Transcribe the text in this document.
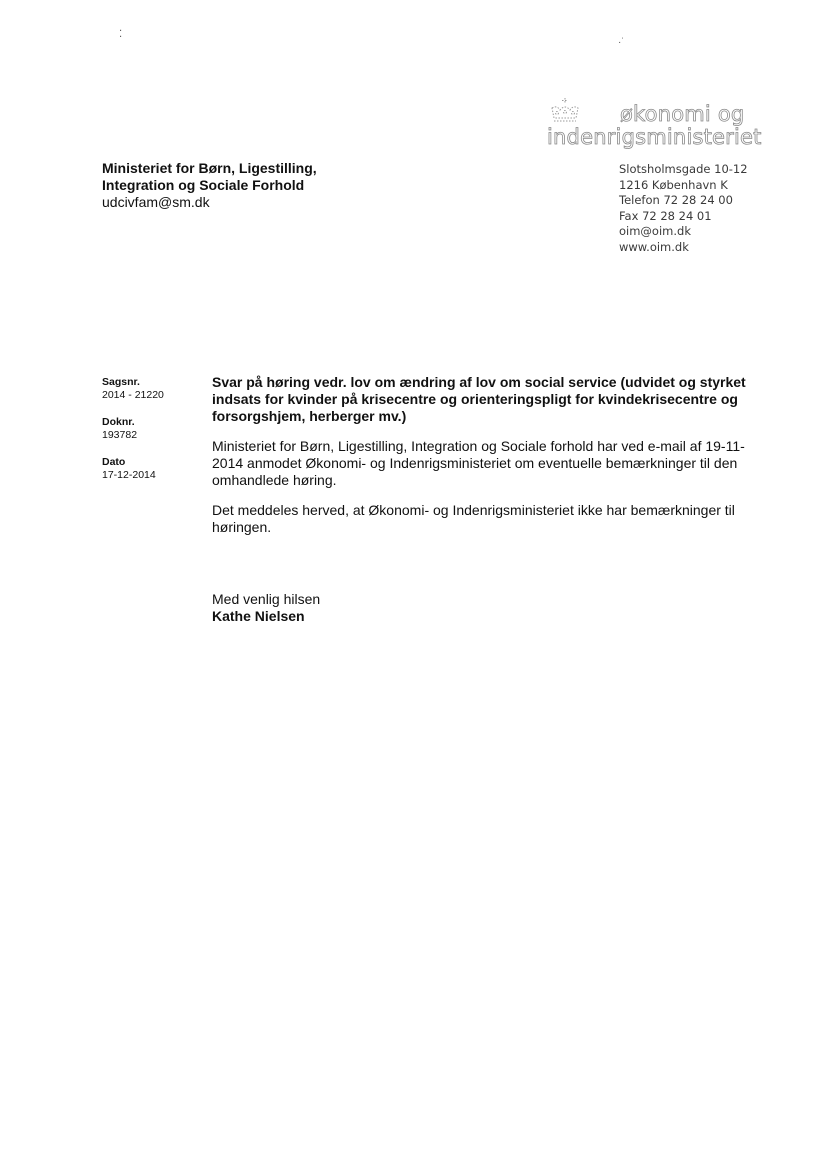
⁚
·˙
økonomi og
indenrigsministeriet
Ministeriet for Børn, Ligestilling,
Integration og Sociale Forhold
udcivfam@sm.dk
Slotsholmsgade 10-12
1216 København K
Telefon 72 28 24 00
Fax 72 28 24 01
oim@oim.dk
www.oim.dk
Sagsnr.
2014 - 21220
Doknr.
193782
Dato
17-12-2014
Svar på høring vedr. lov om ændring af lov om social service (udvidet og styrket indsats for kvinder på krisecentre og orienteringspligt for kvindekrisecentre og forsorgshjem, herberger mv.)

Ministeriet for Børn, Ligestilling, Integration og Sociale forhold har ved e-mail af 19-11-2014 anmodet Økonomi- og Indenrigsministeriet om eventuelle bemærkninger til den omhandlede høring.

Det meddeles herved, at Økonomi- og Indenrigsministeriet ikke har bemærkninger til høringen.

Med venlig hilsen
Kathe Nielsen
